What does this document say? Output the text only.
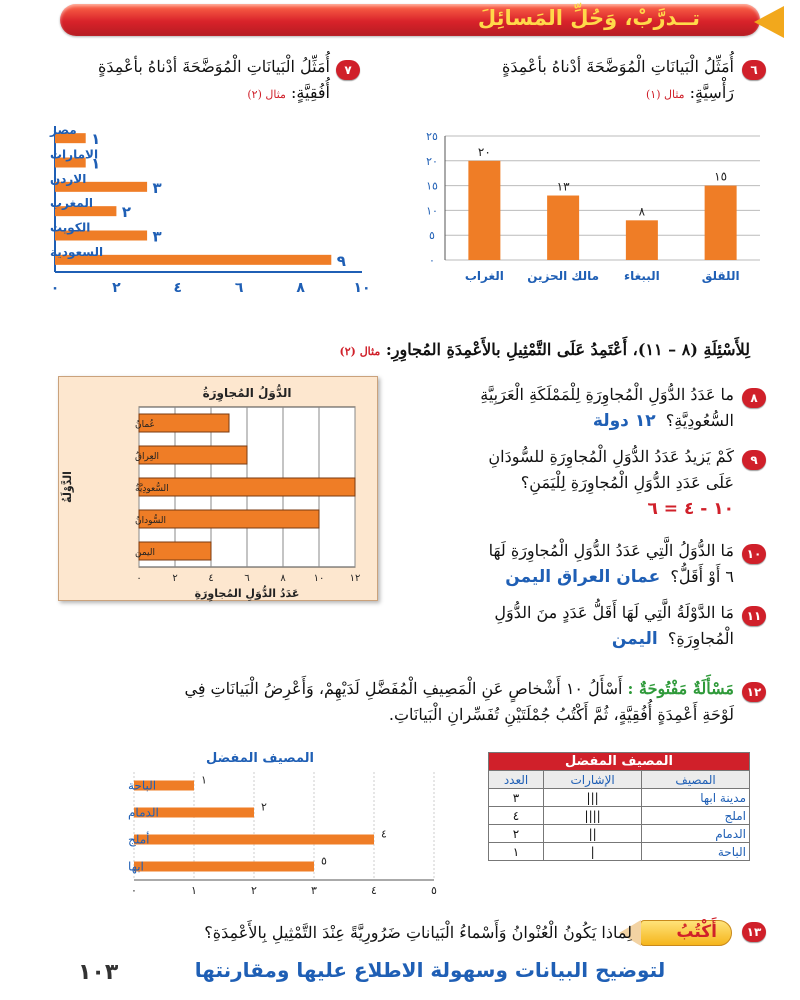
تــدرَّبْ، وَحُلِّ المَسائِلَ
٦
أُمَثِّلُ الْبَيانَاتِ الْمُوَضَّحَةَ أدْناهُ بأعْمِدَةٍ
رَأْسِيَّةٍ: مثال (١)
٠
٥
١٠
١٥
٢٠
٢٥
٢٠
الغراب
١٣
مالك الحزين
٨
الببغاء
١٥
اللقلق
٧
أُمَثِّلُ الْبَيانَاتِ الْمُوَضَّحَةَ أدْناهُ بأعْمِدَةٍ
أُفُقِيَّةٍ: مثال (٢)
٠	٢	٤	٦	٨	١٠
١
مصر
١
الامارات
٣
الاردن
٢
المغرب
٣
الكويت
٩
السعودية
لِلأَسْئِلَةِ (٨ – ١١)، أَعْتَمِدُ عَلَى التَّمْثِيلِ بالأَعْمِدَةِ المُجاوِرِ: مثال (٢)
الدُّوَلُ المُجاوِرَةُ
٠	٢	٤	٦	٨	١٠	١٢
عُمانُ
العِراقُ
السُّعودِيَّةُ
السُّودانُ
اليمن
عَدَدُ الدُّوَلِ المُجاوِرَةِ
الدَّوْلَةُ
٨
ما عَدَدُ الدُّوَلِ الْمُجاوِرَةِ لِلْمَمْلَكَةِ الْعَرَبِيَّةِ
السُّعُودِيَّةِ؟  ١٢ دولة
٩
كَمْ يَزيدُ عَدَدُ الدُّوَلِ الْمُجاوِرَةِ للسُّودَانِ
عَلَى عَدَدِ الدُّوَلِ الْمُجاوِرَةِ لِلْيَمَنِ؟
١٠ - ٤ = ٦
١٠
مَا الدُّوَلُ الَّتِي عَدَدُ الدُّوَلِ الْمُجاوِرَةِ لَهَا
٦ أَوْ أَقَلُّ؟  عمان العراق اليمن
١١
مَا الدَّوْلَةُ الَّتِي لَهَا أَقَلُّ عَدَدٍ منَ الدُّوَلِ
الْمُجاوِرَةِ؟  اليمن
١٢
مَسْأَلَةٌ مَفْتُوحَةٌ : أَسْأَلُ ١٠ أَشْخاصٍ عَنِ الْمَصِيفِ الْمُفَضَّلِ لَدَيْهِمْ، وَأَعْرِضُ الْبَيانَاتِ فِي
لَوْحَةِ أَعْمِدَةٍ أُفُقِيَّةٍ، ثُمَّ أَكْتُبُ جُمْلَتَيْنِ تُفَسِّرانِ الْبَيانَاتِ.
المصيف المفضل		
المصيف	الإشارات	العدد
مدينة ابها	|||	٣
املج	||||	٤
الدمام	||	٢
الباحة	|	١
المصيف المفضل
٠	١	٢	٣	٤	٥
١
الباحة
٢
الدمام
٤
أملج
٥
ابها
١٣
أَكْتُبُ
لِماذا يَكُونُ الْعُنْوانُ وَأَسْماءُ الْبَياناتِ ضَرُورِيَّةً عِنْدَ التَّمْثِيلِ بِالأَعْمِدَةِ؟
لتوضيح البيانات وسهولة الاطلاع عليها ومقارنتها
١٠٣
